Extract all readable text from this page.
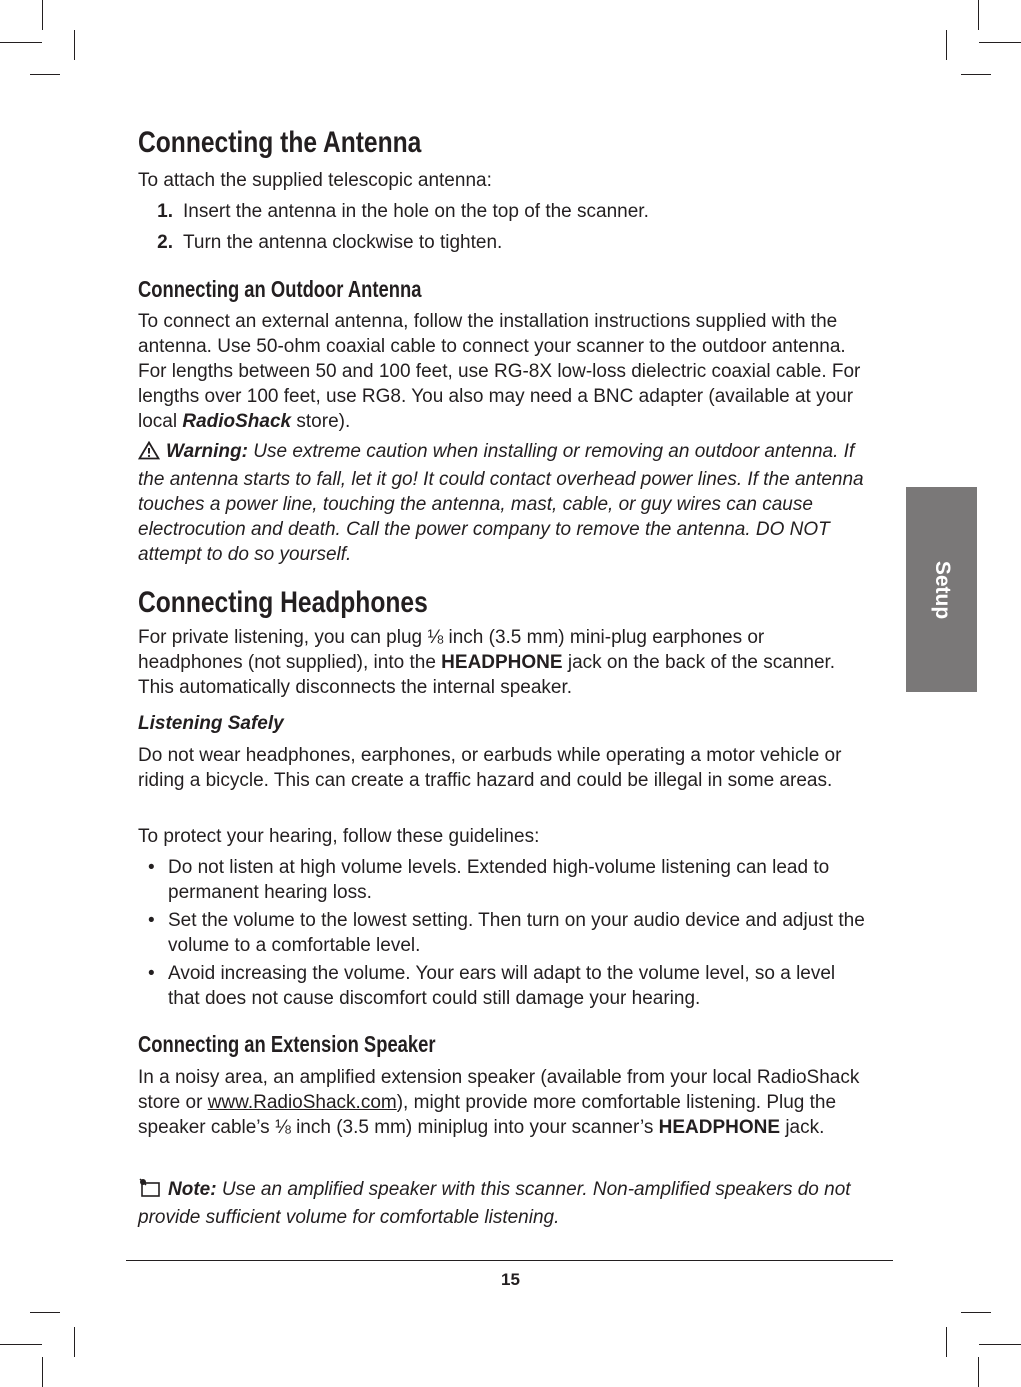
Setup
Connecting the Antenna
To attach the supplied telescopic antenna:
1. Insert the antenna in the hole on the top of the scanner.
2. Turn the antenna clockwise to tighten.
Connecting an Outdoor Antenna
To connect an external antenna, follow the installation instructions supplied with the antenna. Use 50-ohm coaxial cable to connect your scanner to the outdoor antenna. For lengths between 50 and 100 feet, use RG-8X low-loss dielectric coaxial cable. For lengths over 100 feet, use RG8. You also may need a BNC adapter (available at your local RadioShack store).
Warning: Use extreme caution when installing or removing an outdoor antenna. If the antenna starts to fall, let it go! It could contact overhead power lines. If the antenna touches a power line, touching the antenna, mast, cable, or guy wires can cause electrocution and death. Call the power company to remove the antenna. DO NOT attempt to do so yourself.
Connecting Headphones
For private listening, you can plug ⅛ inch (3.5 mm) mini-plug earphones or headphones (not supplied), into the HEADPHONE jack on the back of the scanner. This automatically disconnects the internal speaker.
Listening Safely
Do not wear headphones, earphones, or earbuds while operating a motor vehicle or riding a bicycle. This can create a traffic hazard and could be illegal in some areas.
To protect your hearing, follow these guidelines:
• Do not listen at high volume levels. Extended high-volume listening can lead to permanent hearing loss.
• Set the volume to the lowest setting. Then turn on your audio device and adjust the volume to a comfortable level.
• Avoid increasing the volume. Your ears will adapt to the volume level, so a level that does not cause discomfort could still damage your hearing.
Connecting an Extension Speaker
In a noisy area, an amplified extension speaker (available from your local RadioShack store or www.RadioShack.com), might provide more comfortable listening. Plug the speaker cable’s ⅛ inch (3.5 mm) miniplug into your scanner’s HEADPHONE jack.
Note: Use an amplified speaker with this scanner. Non-amplified speakers do not provide sufficient volume for comfortable listening.
15
